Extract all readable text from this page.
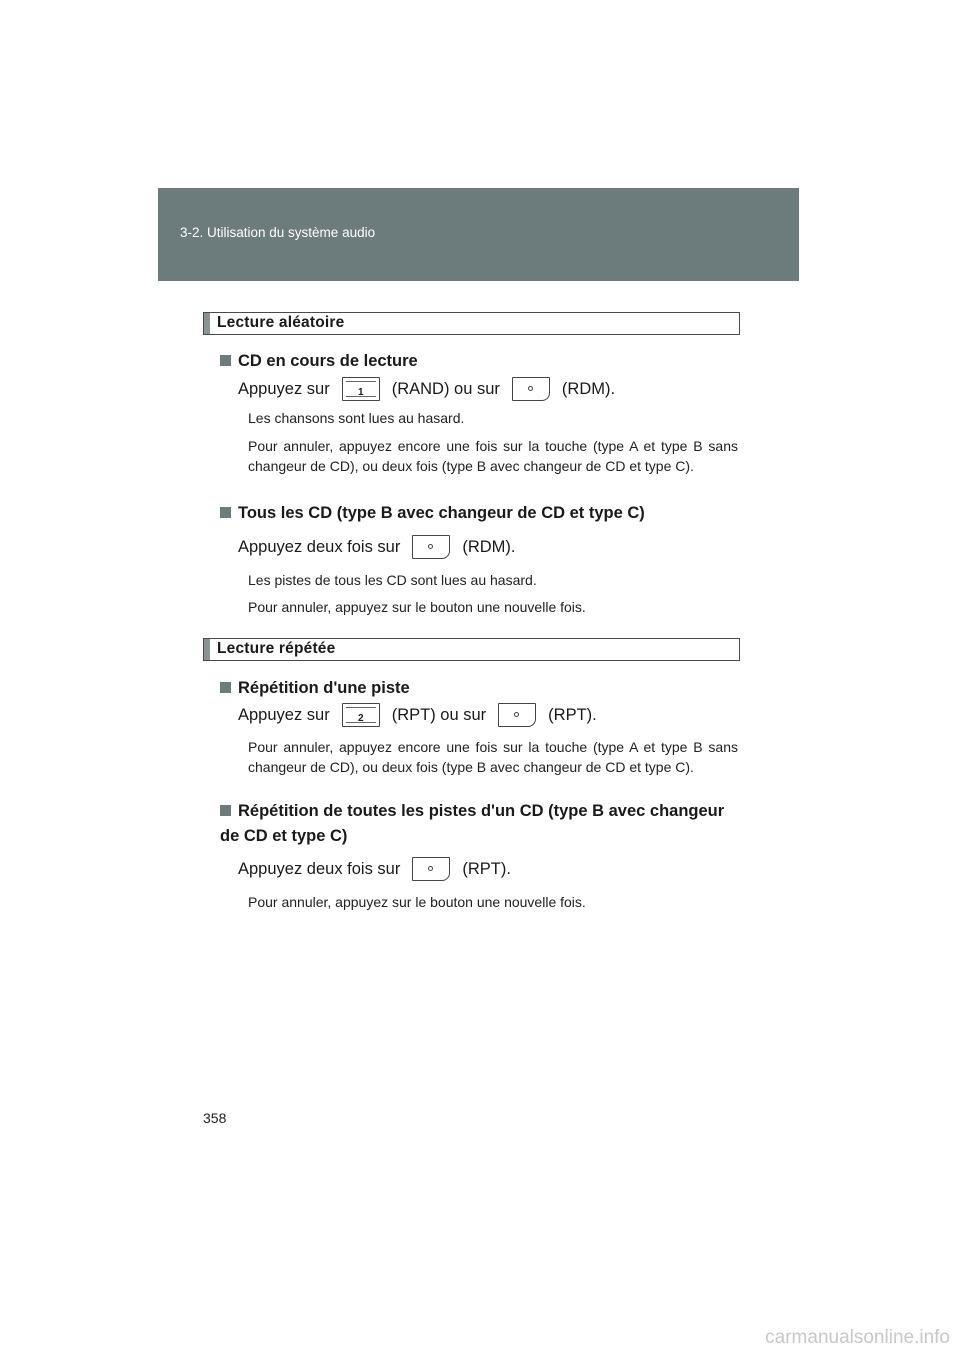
3-2. Utilisation du système audio
Lecture aléatoire
CD en cours de lecture
Appuyez sur	1	(RAND) ou sur	(RDM).
Les chansons sont lues au hasard.
Pour annuler, appuyez encore une fois sur la touche (type A et type B sans changeur de CD), ou deux fois (type B avec changeur de CD et type C).
Tous les CD (type B avec changeur de CD et type C)
Appuyez deux fois sur	(RDM).
Les pistes de tous les CD sont lues au hasard.
Pour annuler, appuyez sur le bouton une nouvelle fois.
Lecture répétée
Répétition d'une piste
Appuyez sur	2	(RPT) ou sur	(RPT).
Pour annuler, appuyez encore une fois sur la touche (type A et type B sans changeur de CD), ou deux fois (type B avec changeur de CD et type C).
Répétition de toutes les pistes d'un CD (type B avec changeur de CD et type C)
Appuyez deux fois sur	(RPT).
Pour annuler, appuyez sur le bouton une nouvelle fois.
358
carmanualsonline.info
